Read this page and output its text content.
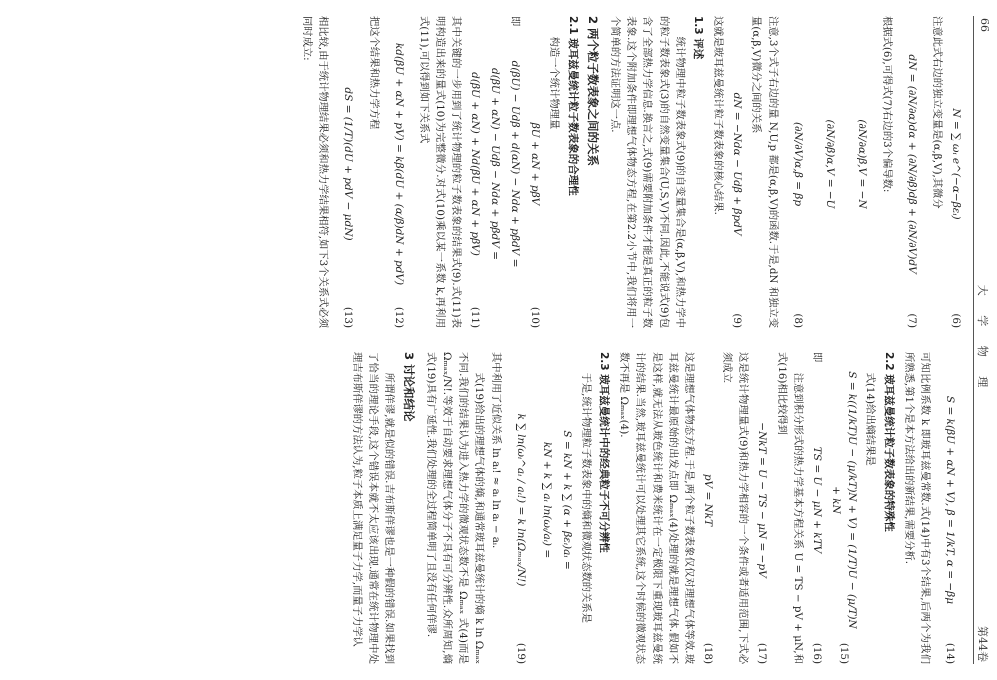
66
大 学 物 理
第44卷
N = ∑ ωᵢ e^(−α−βεᵢ)
(6)

注意此式右边的独立变量是(α,β,V),其微分

dN = (∂N/∂α)dα + (∂N/∂β)dβ + (∂N/∂V)dV
(7)

根据式(6),可得式(7)右边的3个偏导数:

(∂N/∂α)β,V = −N
(∂N/∂β)α,V = −U
(∂N/∂V)α,β = βp
(8)

注意,3个式子右边的量 N,U,p 都是(α,β,V)的函数.于是,dN 和独立变量(α,β,V)微分之间的关系

dN = −Ndα − Udβ + βpdV
(9)

这就是玻耳兹曼统计粒子数表象的核心结果.

1.3 评述

统计物理中粒子数表象式(9)的自变量集合是(α,β,V),和热力学中的粒子数表象式(3)的自然变量集合(U,S,V)不同.因此,不能说式(9)包含了全部热力学信息.换言之,式(9)需要附加条件才能是真正的粒子数表象.这个附加条件即理想气体物态方程,在第2.2小节中,我们将用一个简单的方法证明这一点.

2 两个粒子数表象之间的关系
2.1 玻耳兹曼统计粒子数表象的合理性

构造一个统计物理量

βU + αN + pβV
(10)
即
d(βU) − Udβ + d(αN) − Ndα + pβdV =
d(βU + αN) − Udβ − Ndα + pβdV =
d(βU + αN) + Nd(βU + αN + pβV)
(11)

其中关键的一步用到了统计物理的粒子数表象的结果式(9).式(11)表明构造出来的量式(10)为完整微分.对式(10)乘以某一系数 k,再利用式(11),可以得到如下关系式

kd(βU + αN + pV) = kβ(dU + (α/β)dN + pdV)
(12)

把这个结果和热力学方程

dS = (1/T)(dU + pdV − μdN)
(13)

相比较,由于统计物理结果必须和热力学结果相符,如下3个关系式必须同时成立:

S = k(βU + αN + V), β = 1/kT, α = −βμ
(14)

可知比例系数 k 即玻耳兹曼常数.式(14)中有3个结果,后两个为我们所熟悉,第1个是本方法给出的新结果,需要分析.

2.2 玻耳兹曼统计粒子数表象的特殊性

式(14)给出熵结果是

S = k((1/kT)U − (μ/kT)N + V) = (1/T)U − (μ/T)N + kN
(15)
即
TS = U − μN + kTV
(16)

注意到积分形式的热力学基本方程关系 U = TS − pV + μN,和式(16)相比较得到

−NkT = U − TS − μN = −pV
(17)

这是统计物理量式(9)和热力学相容的一个条件或者适用范围,下式必须成立

pV = NkT
(18)

这是理想气体物态方程.于是,两个粒子数表象仅仅对理想气体等效.玻耳兹曼统计最原始的出发点即 Ωₘₐₓ(4)处理的就是理想气体.假如不是这样,就无法从玻色统计和费米统计在一定极限下重现玻耳兹曼统计的结果.当然,玻耳兹曼统计可以处理其它系统,这个时候的微观状态数不再是 Ωₘₐₓ(4).

2.3 玻耳兹曼统计中的经典粒子不可分辨性

于是,统计物理粒子数表象中的熵和微观状态数的关系是

S = kN + k ∑ (α + βεᵢ)aᵢ =
kN + k ∑ aᵢ ln(ωᵢ/aᵢ) =
k ∑ ln(ωᵢ^aᵢ / aᵢ!) = k ln(Ωₘₐₓ/N!)
(19)

其中利用了近似关系 ln aᵢ! ≈ aᵢ ln aᵢ − aᵢ.

式(19)给出的理想气体的熵,和通常玻耳兹曼统计的熵 k ln Ωₘₐₓ 不同.我们的结果认为进入热力学的微观状态数不是 Ωₘₐₓ 式(4)而是 Ωₘₐₓ/N!.等效于自动要求理想气体分子不具有可分辨性.众所周知,熵式(19)具有广延性.我们处理的全过程简单明了且没有任何佯谬.

3 讨论和结论

所谓佯谬,就是似的错误.吉布斯佯谬也是一种假的错误.如果找到了恰当的理论手段,这个错误本就不太应该出现.通常在统计物理中处理吉布斯佯谬的方法认为,粒子本质上满足量子力学,而量子力学认
